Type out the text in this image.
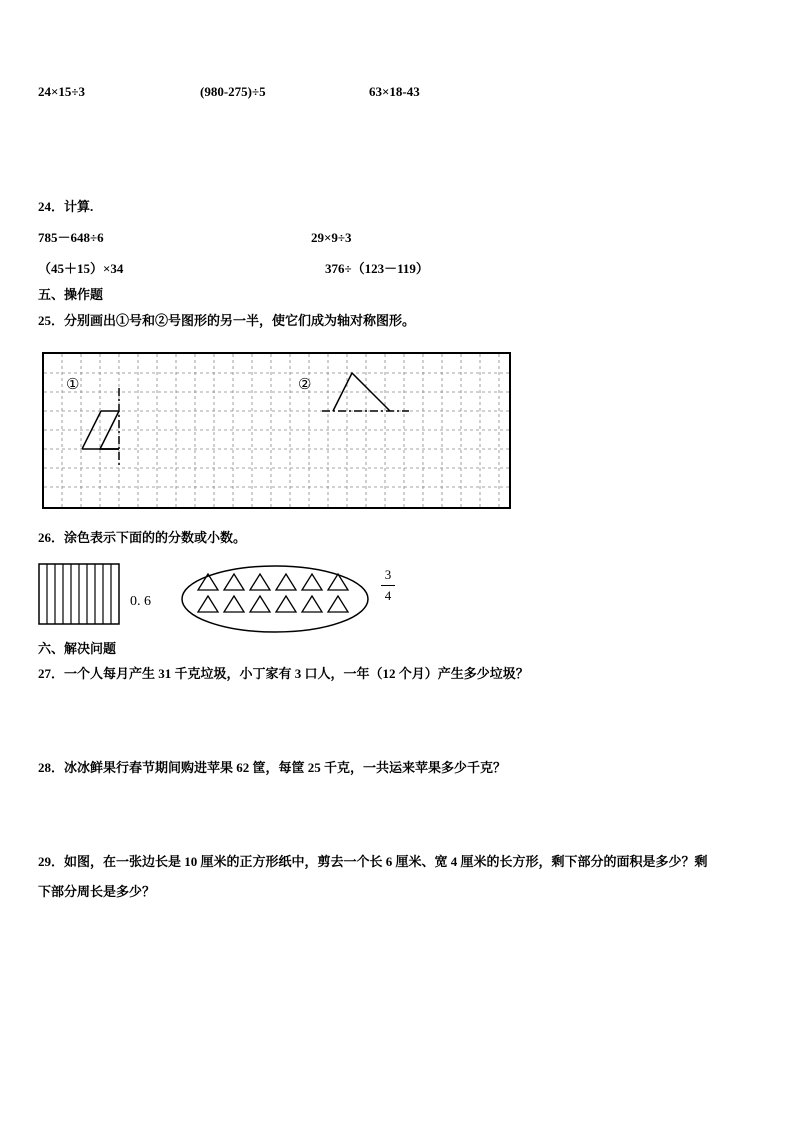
24×15÷3	(980-275)÷5	63×18-43
24．计算.
785－648÷6	29×9÷3
（45＋15）×34	376÷（123－119）
五、操作题
25．分别画出①号和②号图形的另一半，使它们成为轴对称图形。
①	②
26．涂色表示下面的的分数或小数。
0. 6
3
4
六、解决问题
27．一个人每月产生 31 千克垃圾，小丁家有 3 口人，一年（12 个月）产生多少垃圾？
28．冰冰鲜果行春节期间购进苹果 62 筐，每筐 25 千克，一共运来苹果多少千克？
29．如图，在一张边长是 10 厘米的正方形纸中，剪去一个长 6 厘米、宽 4 厘米的长方形，剩下部分的面积是多少？剩
下部分周长是多少？
